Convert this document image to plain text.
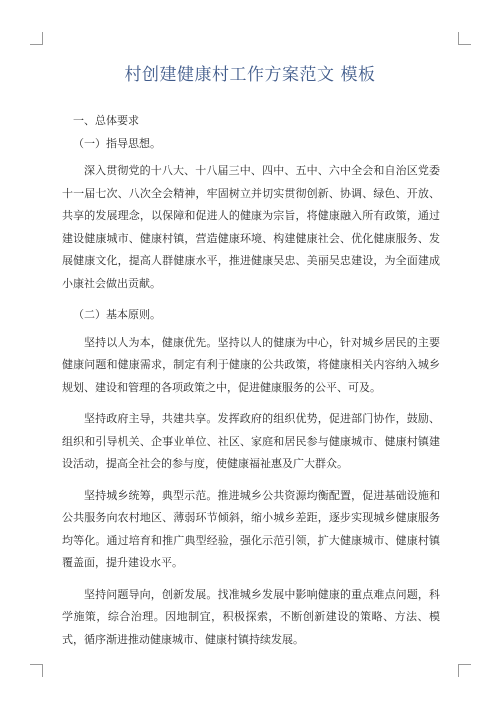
村创建健康村工作方案范文 模板

一、总体要求

（一）指导思想。

深入贯彻党的十八大、十八届三中、四中、五中、六中全会和自治区党委十一届七次、八次全会精神，牢固树立并切实贯彻创新、协调、绿色、开放、共享的发展理念，以保障和促进人的健康为宗旨，将健康融入所有政策，通过建设健康城市、健康村镇，营造健康环境、构建健康社会、优化健康服务、发展健康文化，提高人群健康水平，推进健康吴忠、美丽吴忠建设，为全面建成小康社会做出贡献。

（二）基本原则。

坚持以人为本，健康优先。坚持以人的健康为中心，针对城乡居民的主要健康问题和健康需求，制定有利于健康的公共政策，将健康相关内容纳入城乡规划、建设和管理的各项政策之中，促进健康服务的公平、可及。

坚持政府主导，共建共享。发挥政府的组织优势，促进部门协作，鼓励、组织和引导机关、企事业单位、社区、家庭和居民参与健康城市、健康村镇建设活动，提高全社会的参与度，使健康福祉惠及广大群众。

坚持城乡统筹，典型示范。推进城乡公共资源均衡配置，促进基础设施和公共服务向农村地区、薄弱环节倾斜，缩小城乡差距，逐步实现城乡健康服务均等化。通过培育和推广典型经验，强化示范引领，扩大健康城市、健康村镇覆盖面，提升建设水平。

坚持问题导向，创新发展。找准城乡发展中影响健康的重点难点问题，科学施策，综合治理。因地制宜，积极探索，不断创新建设的策略、方法、模式，循序渐进推动健康城市、健康村镇持续发展。
